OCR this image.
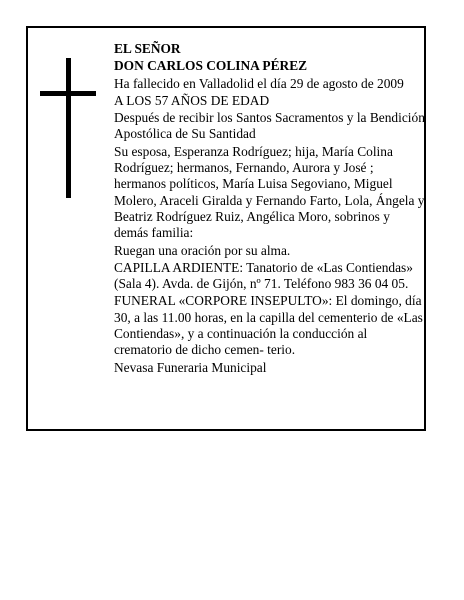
EL SEÑOR

DON CARLOS COLINA PÉREZ

Ha fallecido en Valladolid el día 29 de agosto de 2009

A LOS 57 AÑOS DE EDAD

Después de recibir los Santos Sacramentos y la Bendición Apostólica de Su Santidad

Su esposa, Esperanza Rodríguez; hija, María Colina Rodríguez; hermanos, Fernando, Aurora y José ; hermanos políticos, María Luisa Segoviano, Miguel Molero, Araceli Giralda y Fernando Farto, Lola, Ángela y Beatriz Rodríguez Ruiz, Angélica Moro, sobrinos y demás familia:

Ruegan una oración por su alma.

CAPILLA ARDIENTE: Tanatorio de «Las Contiendas» (Sala 4). Avda. de Gijón, nº 71. Teléfono 983 36 04 05.

FUNERAL «CORPORE INSEPULTO»: El domingo, día 30, a las 11.00 horas, en la capilla del cementerio de «Las Contiendas», y a continuación la conducción al crematorio de dicho cemen- terio.

Nevasa Funeraria Municipal
